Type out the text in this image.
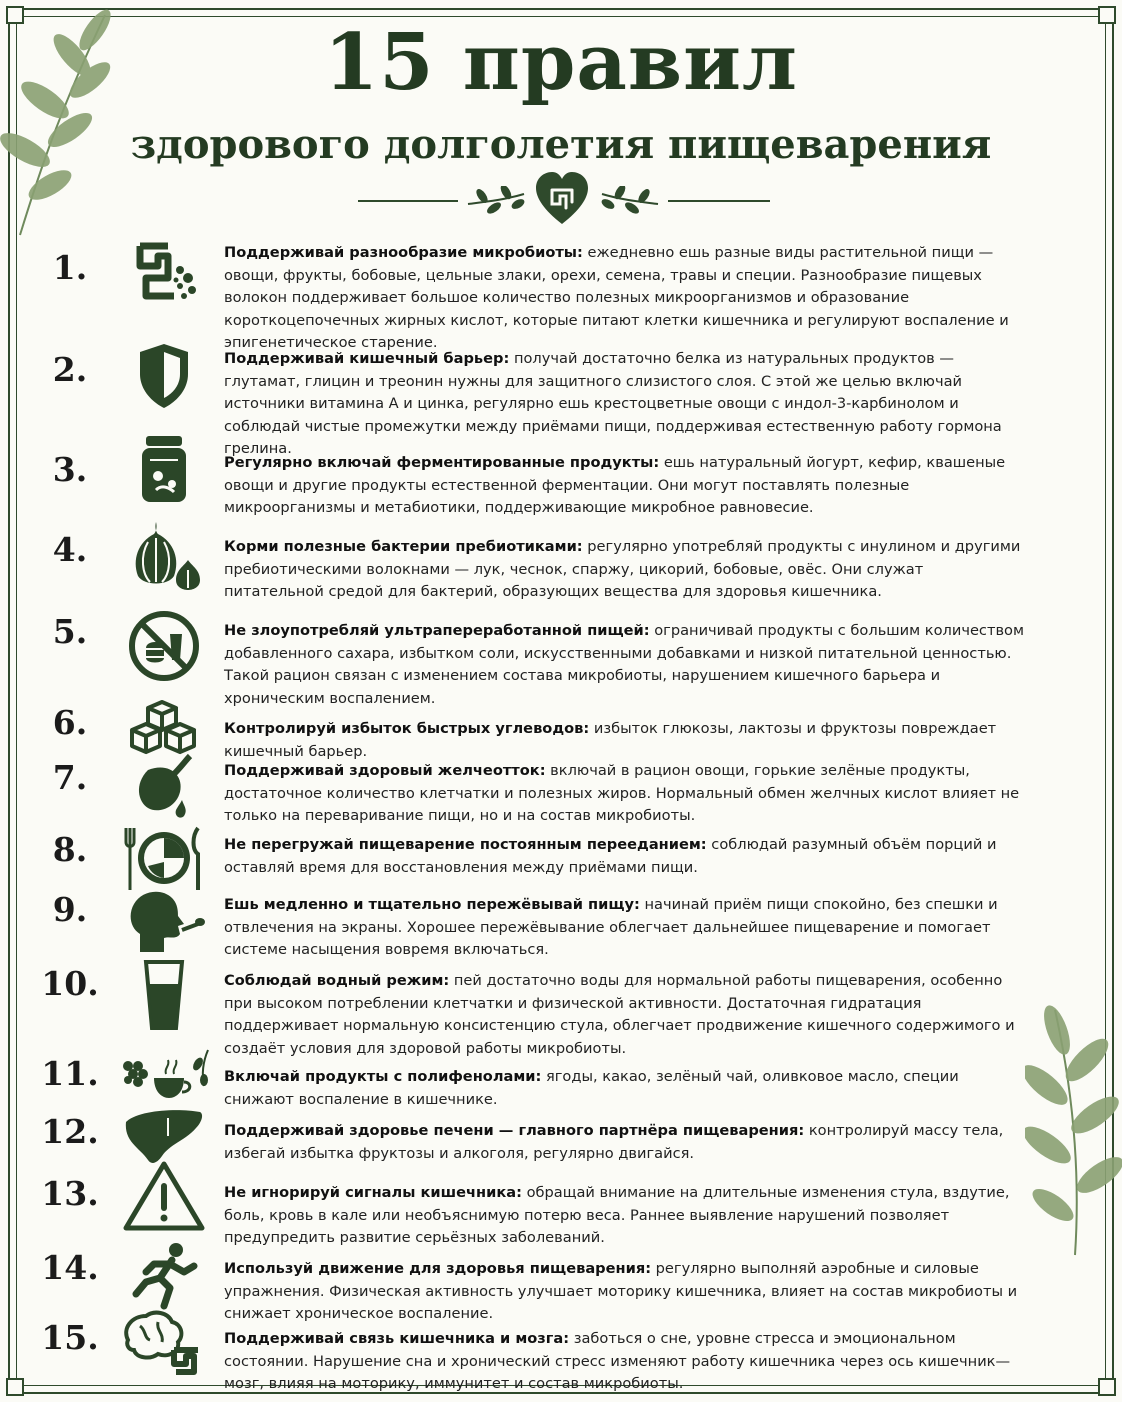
15 правил
здорового долголетия пищеварения
1.	Поддерживай разнообразие микробиоты: ежедневно ешь разные виды растительной пищи — овощи, фрукты, бобовые, цельные злаки, орехи, семена, травы и специи. Разнообразие пищевых волокон поддерживает большое количество полезных микроорганизмов и образование короткоцепочечных жирных кислот, которые питают клетки кишечника и регулируют воспаление и эпигенетическое старение.
2.	Поддерживай кишечный барьер: получай достаточно белка из натуральных продуктов — глутамат, глицин и треонин нужны для защитного слизистого слоя. С этой же целью включай источники витамина А и цинка, регулярно ешь крестоцветные овощи с индол-3-карбинолом и соблюдай чистые промежутки между приёмами пищи, поддерживая естественную работу гормона грелина.
3.	Регулярно включай ферментированные продукты: ешь натуральный йогурт, кефир, квашеные овощи и другие продукты естественной ферментации. Они могут поставлять полезные микроорганизмы и метабиотики, поддерживающие микробное равновесие.
4.	Корми полезные бактерии пребиотиками: регулярно употребляй продукты с инулином и другими пребиотическими волокнами — лук, чеснок, спаржу, цикорий, бобовые, овёс. Они служат питательной средой для бактерий, образующих вещества для здоровья кишечника.
5.	Не злоупотребляй ультрапереработанной пищей: ограничивай продукты с большим количеством добавленного сахара, избытком соли, искусственными добавками и низкой питательной ценностью. Такой рацион связан с изменением состава микробиоты, нарушением кишечного барьера и хроническим воспалением.
6.	Контролируй избыток быстрых углеводов: избыток глюкозы, лактозы и фруктозы повреждает кишечный барьер.
7.	Поддерживай здоровый желчеотток: включай в рацион овощи, горькие зелёные продукты, достаточное количество клетчатки и полезных жиров. Нормальный обмен желчных кислот влияет не только на переваривание пищи, но и на состав микробиоты.
8.	Не перегружай пищеварение постоянным перееданием: соблюдай разумный объём порций и оставляй время для восстановления между приёмами пищи.
9.	Ешь медленно и тщательно пережёвывай пищу: начинай приём пищи спокойно, без спешки и отвлечения на экраны. Хорошее пережёвывание облегчает дальнейшее пищеварение и помогает системе насыщения вовремя включаться.
10.	Соблюдай водный режим: пей достаточно воды для нормальной работы пищеварения, особенно при высоком потреблении клетчатки и физической активности. Достаточная гидратация поддерживает нормальную консистенцию стула, облегчает продвижение кишечного содержимого и создаёт условия для здоровой работы микробиоты.
11.	Включай продукты с полифенолами: ягоды, какао, зелёный чай, оливковое масло, специи снижают воспаление в кишечнике.
12.	Поддерживай здоровье печени — главного партнёра пищеварения: контролируй массу тела, избегай избытка фруктозы и алкоголя, регулярно двигайся.
13.	Не игнорируй сигналы кишечника: обращай внимание на длительные изменения стула, вздутие, боль, кровь в кале или необъяснимую потерю веса. Раннее выявление нарушений позволяет предупредить развитие серьёзных заболеваний.
14.	Используй движение для здоровья пищеварения: регулярно выполняй аэробные и силовые упражнения. Физическая активность улучшает моторику кишечника, влияет на состав микробиоты и снижает хроническое воспаление.
15.	Поддерживай связь кишечника и мозга: заботься о сне, уровне стресса и эмоциональном состоянии. Нарушение сна и хронический стресс изменяют работу кишечника через ось кишечник—мозг, влияя на моторику, иммунитет и состав микробиоты.
